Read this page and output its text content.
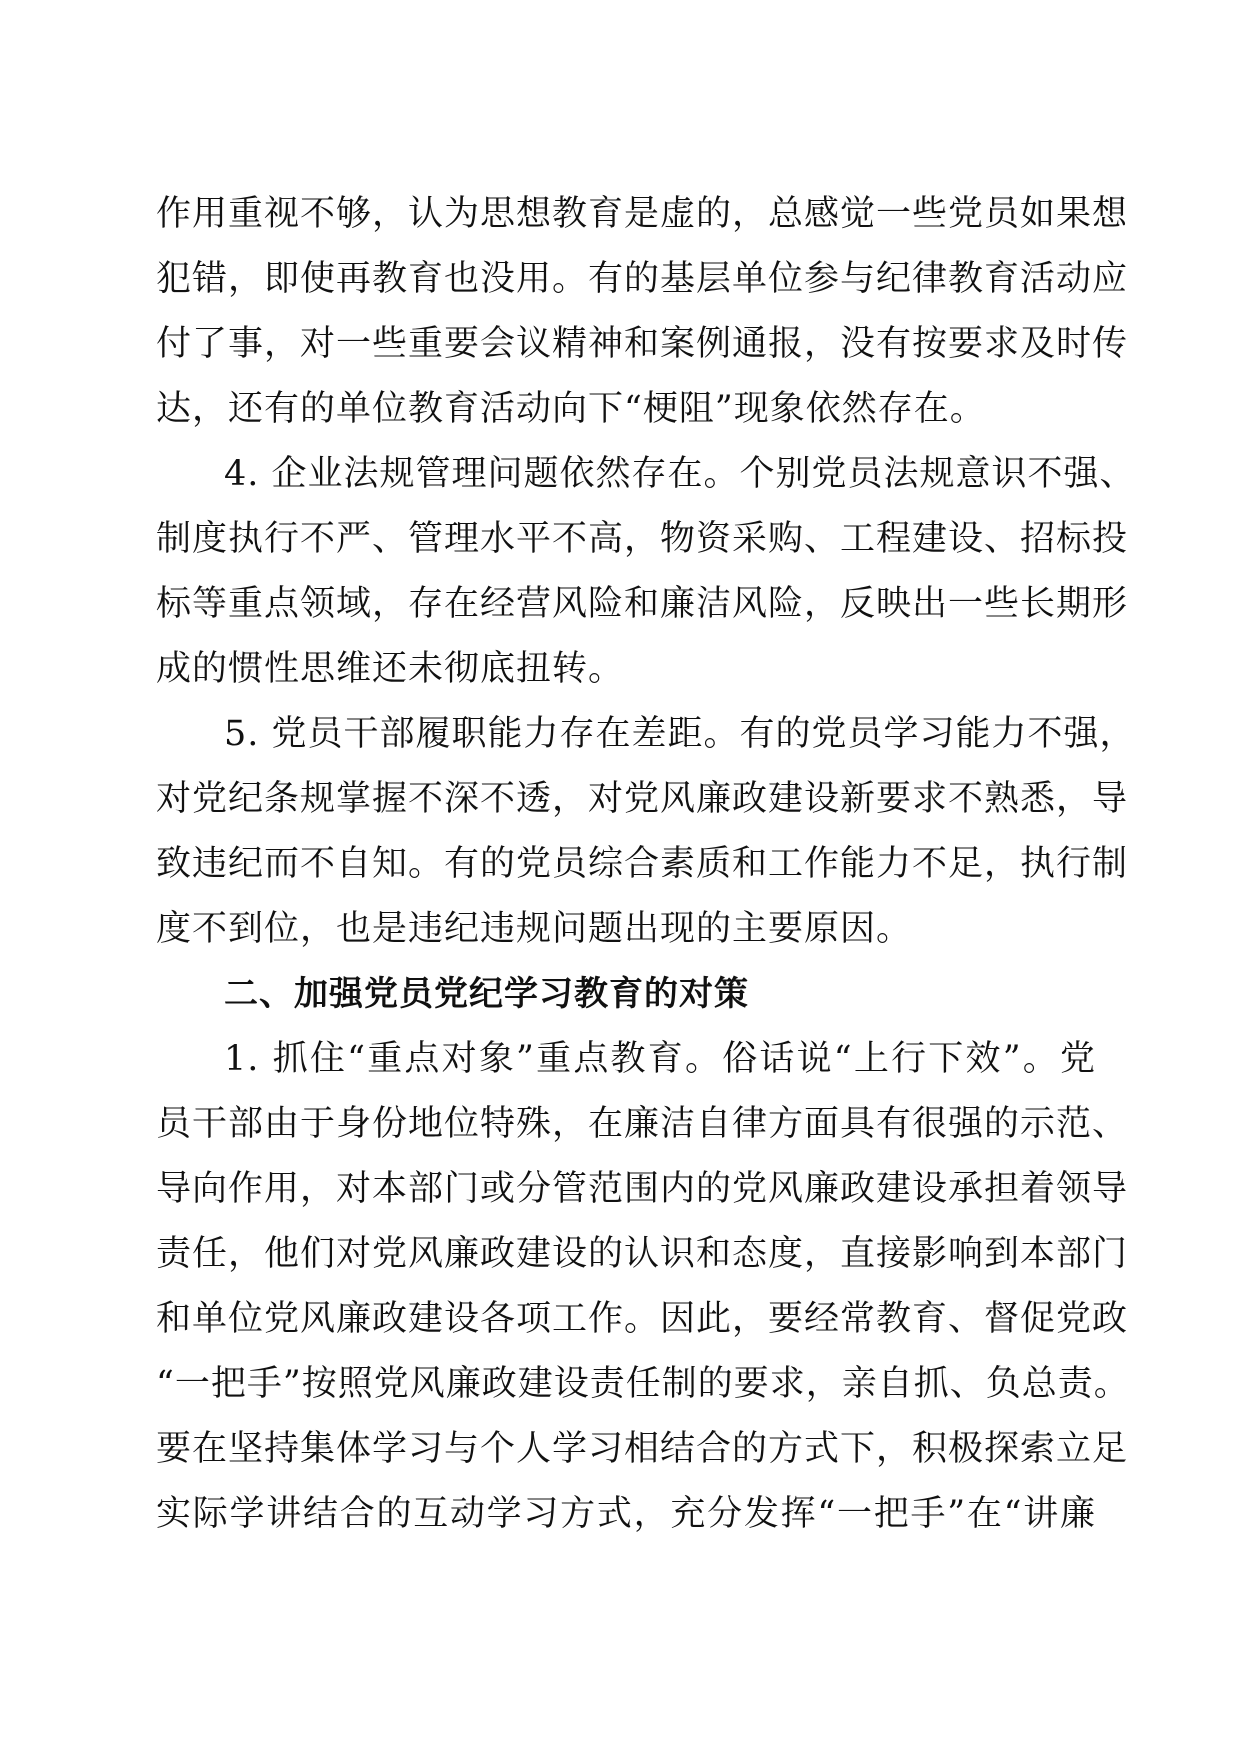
作用重视不够，认为思想教育是虚的，总感觉一些党员如果想
犯错，即使再教育也没用。有的基层单位参与纪律教育活动应
付了事，对一些重要会议精神和案例通报，没有按要求及时传
达，还有的单位教育活动向下“梗阻”现象依然存在。
4. 企业法规管理问题依然存在。个别党员法规意识不强、
制度执行不严、管理水平不高，物资采购、工程建设、招标投
标等重点领域，存在经营风险和廉洁风险，反映出一些长期形
成的惯性思维还未彻底扭转。
5. 党员干部履职能力存在差距。有的党员学习能力不强，
对党纪条规掌握不深不透，对党风廉政建设新要求不熟悉，导
致违纪而不自知。有的党员综合素质和工作能力不足，执行制
度不到位，也是违纪违规问题出现的主要原因。
二、加强党员党纪学习教育的对策
1. 抓住“重点对象”重点教育。俗话说“上行下效”。党
员干部由于身份地位特殊，在廉洁自律方面具有很强的示范、
导向作用，对本部门或分管范围内的党风廉政建设承担着领导
责任，他们对党风廉政建设的认识和态度，直接影响到本部门
和单位党风廉政建设各项工作。因此，要经常教育、督促党政
“一把手”按照党风廉政建设责任制的要求，亲自抓、负总责。
要在坚持集体学习与个人学习相结合的方式下，积极探索立足
实际学讲结合的互动学习方式，充分发挥“一把手”在“讲廉
